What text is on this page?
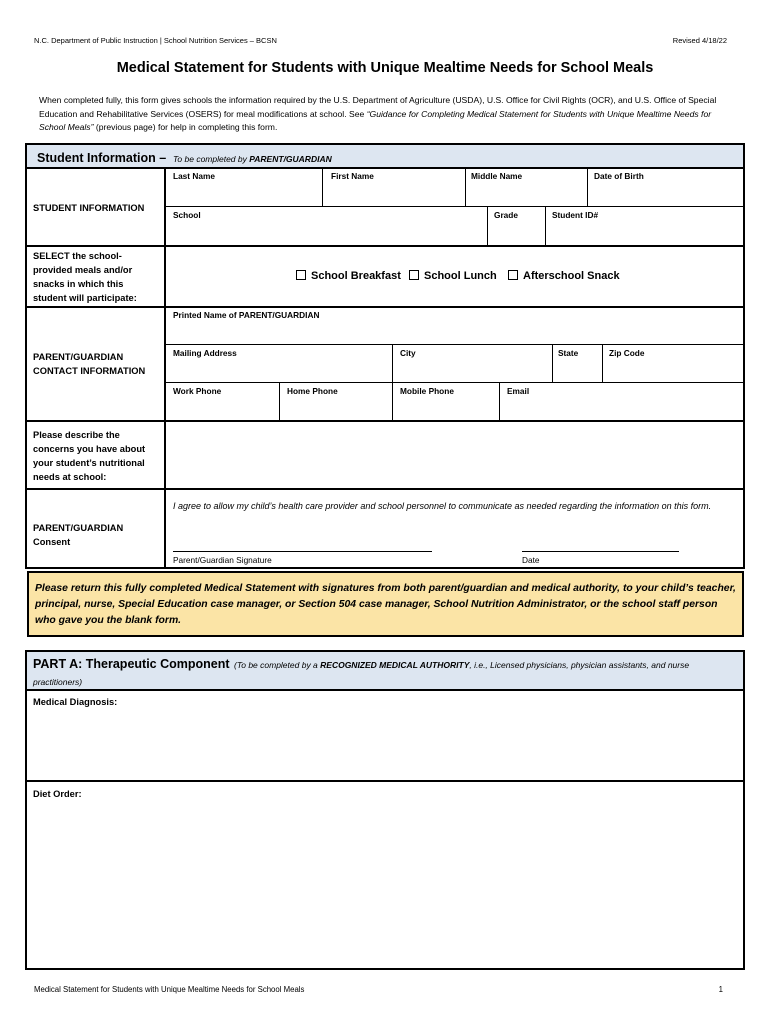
N.C. Department of Public Instruction | School Nutrition Services – BCSN	Revised 4/18/22
Medical Statement for Students with Unique Mealtime Needs for School Meals
When completed fully, this form gives schools the information required by the U.S. Department of Agriculture (USDA), U.S. Office for Civil Rights (OCR), and U.S. Office of Special Education and Rehabilitative Services (OSERS) for meal modifications at school. See “Guidance for Completing Medical Statement for Students with Unique Mealtime Needs for School Meals” (previous page) for help in completing this form.
Student Information – To be completed by PARENT/GUARDIAN
Last Name	First Name	Middle Name	Date of Birth
STUDENT INFORMATION
School	Grade	Student ID#
SELECT the school-provided meals and/or snacks in which this student will participate:
School Breakfast	School Lunch	Afterschool Snack
Printed Name of PARENT/GUARDIAN
PARENT/GUARDIAN CONTACT INFORMATION
Mailing Address	City	State	Zip Code
Work Phone	Home Phone	Mobile Phone	Email
Please describe the concerns you have about your student’s nutritional needs at school:
PARENT/GUARDIAN Consent
I agree to allow my child’s health care provider and school personnel to communicate as needed regarding the information on this form.
Parent/Guardian Signature	Date
Please return this fully completed Medical Statement with signatures from both parent/guardian and medical authority, to your child’s teacher, principal, nurse, Special Education case manager, or Section 504 case manager, School Nutrition Administrator, or the school staff person who gave you the blank form.
PART A: Therapeutic Component (To be completed by a RECOGNIZED MEDICAL AUTHORITY, i.e., Licensed physicians, physician assistants, and nurse practitioners)
Medical Diagnosis:
Diet Order:
Medical Statement for Students with Unique Mealtime Needs for School Meals	1
